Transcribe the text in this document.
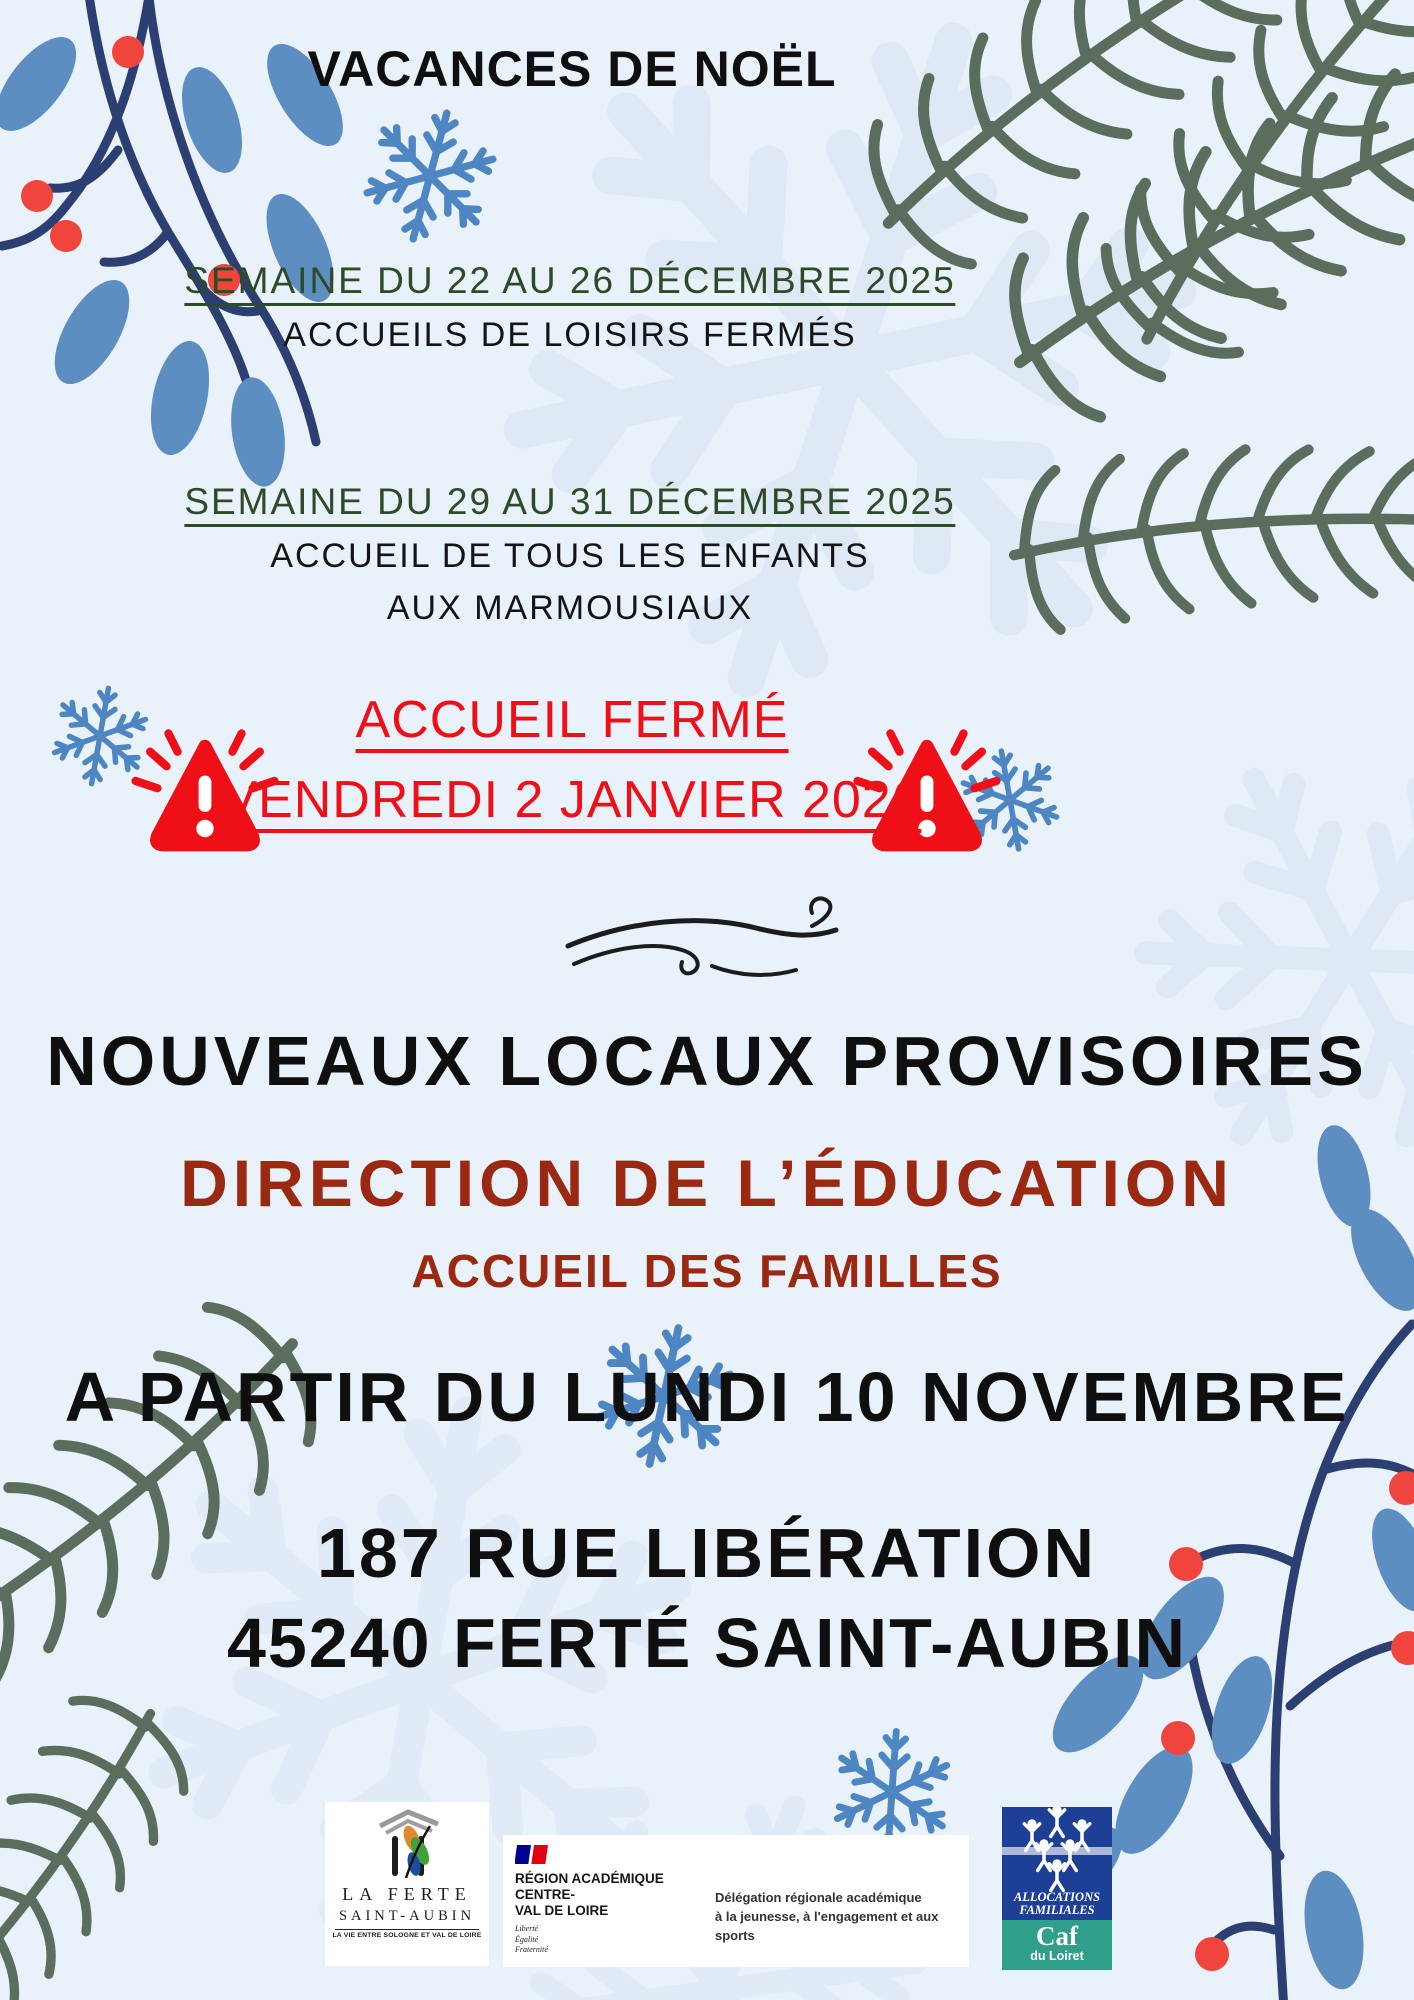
VACANCES DE NOËL
SEMAINE DU 22 AU 26 DÉCEMBRE 2025
ACCUEILS DE LOISIRS FERMÉS
SEMAINE DU 29 AU 31 DÉCEMBRE 2025
ACCUEIL DE TOUS LES ENFANTS
AUX MARMOUSIAUX
ACCUEIL FERMÉ
VENDREDI 2 JANVIER 2026
NOUVEAUX LOCAUX PROVISOIRES
DIRECTION DE L’ÉDUCATION
ACCUEIL DES FAMILLES
A PARTIR DU LUNDI 10 NOVEMBRE
187 RUE LIBÉRATION
45240 FERTÉ SAINT-AUBIN
LA FERTE
SAINT-AUBIN
LA VIE ENTRE SOLOGNE ET VAL DE LOIRE
RÉGION ACADÉMIQUE
CENTRE-
VAL DE LOIRE
Liberté
Égalité
Fraternité
Délégation régionale académique
à la jeunesse, à l'engagement et aux sports
ALLOCATIONS
FAMILIALES
Caf
du Loiret
